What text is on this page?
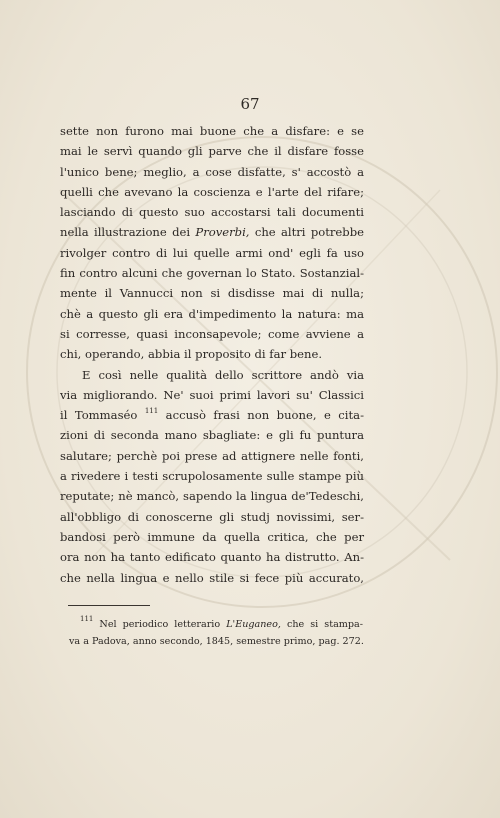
67
sette non furono mai buone che a disfare: e se
mai le servì quando gli parve che il disfare fosse
l'unico bene; meglio, a cose disfatte, s' accostò a
quelli che avevano la coscienza e l'arte del rifare;
lasciando di questo suo accostarsi tali documenti
nella illustrazione dei Proverbi, che altri potrebbe
rivolger contro di lui quelle armi ond' egli fa uso
fin contro alcuni che governan lo Stato. Sostanzial-
mente il Vannucci non si disdisse mai di nulla;
chè a questo gli era d'impedimento la natura: ma
si corresse, quasi inconsapevole; come avviene a
chi, operando, abbia il proposito di far bene.
E così nelle qualità dello scrittore andò via
via migliorando. Ne' suoi primi lavori su' Classici
il Tommaséo $^{111}$ accusò frasi non buone, e cita-
zioni di seconda mano sbagliate: e gli fu puntura
salutare; perchè poi prese ad attignere nelle fonti,
a rivedere i testi scrupolosamente sulle stampe più
reputate; nè mancò, sapendo la lingua de'Tedeschi,
all'obbligo di conoscerne gli studj novissimi, ser-
bandosi però immune da quella critica, che per
ora non ha tanto edificato quanto ha distrutto. An-
che nella lingua e nello stile si fece più accurato,
$^{111}$ Nel periodico letterario L'Euganeo, che si stampa-
va a Padova, anno secondo, 1845, semestre primo, pag. 272.
